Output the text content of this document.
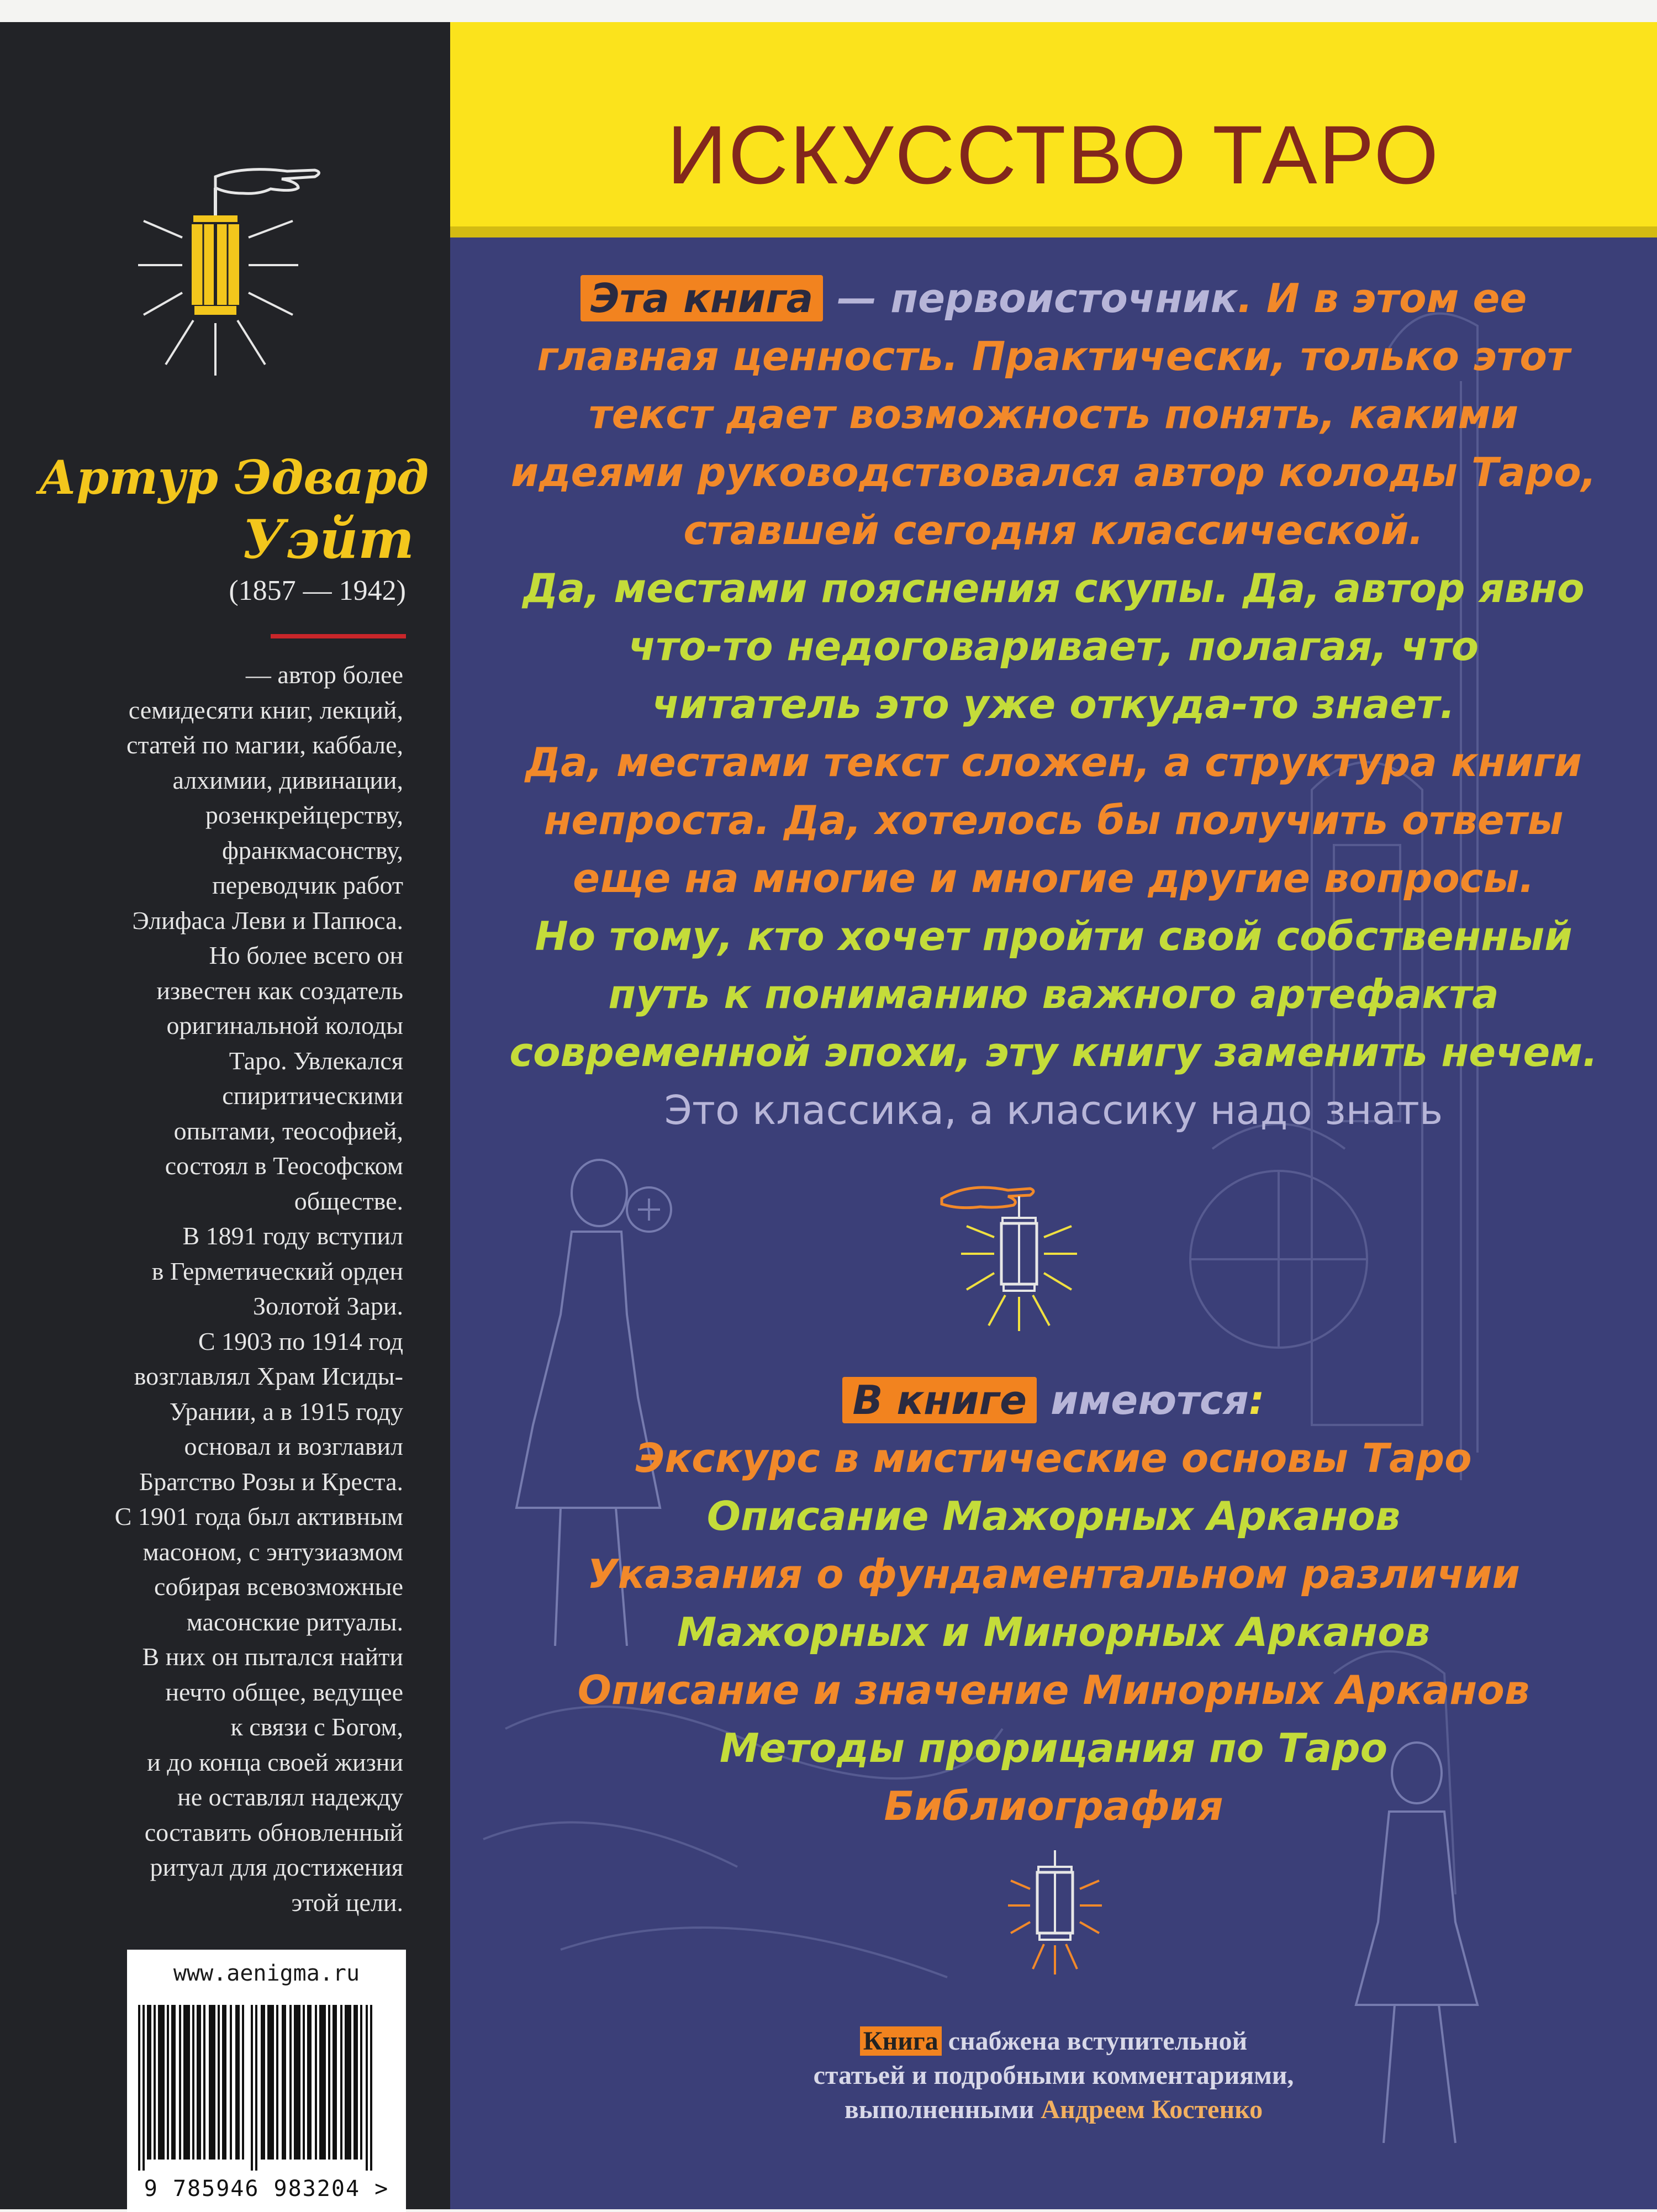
Артур Эдвард
Уэйт
(1857 — 1942)
— автор более
семидесяти книг, лекций,
статей по магии, каббале,
алхимии, дивинации,
розенкрейцерству,
франкмасонству,
переводчик работ
Элифаса Леви и Папюса.
Но более всего он
известен как создатель
оригинальной колоды
Таро. Увлекался
спиритическими
опытами, теософией,
состоял в Теософском
обществе.
В 1891 году вступил
в Герметический орден
Золотой Зари.
С 1903 по 1914 год
возглавлял Храм Исиды-
Урании, а в 1915 году
основал и возглавил
Братство Розы и Креста.
С 1901 года был активным
масоном, с энтузиазмом
собирая всевозможные
масонские ритуалы.
В них он пытался найти
нечто общее, ведущее
к связи с Богом,
и до конца своей жизни
не оставлял надежду
составить обновленный
ритуал для достижения
этой цели.
www.aenigma.ru
9 785946 983204 >
ИСКУССТВО ТАРО
Эта книга — первоисточник. И в этом ее
главная ценность. Практически, только этот
текст дает возможность понять, какими
идеями руководствовался автор колоды Таро,
ставшей сегодня классической.
Да, местами пояснения скупы. Да, автор явно
что-то недоговаривает, полагая, что
читатель это уже откуда-то знает.
Да, местами текст сложен, а структура книги
непроста. Да, хотелось бы получить ответы
еще на многие и многие другие вопросы.
Но тому, кто хочет пройти свой собственный
путь к пониманию важного артефакта
современной эпохи, эту книгу заменить нечем.
Это классика, а классику надо знать
В книге имеются:
Экскурс в мистические основы Таро
Описание Мажорных Арканов
Указания о фундаментальном различии
Мажорных и Минорных Арканов
Описание и значение Минорных Арканов
Методы прорицания по Таро
Библиография
Книга снабжена вступительной
статьей и подробными комментариями,
выполненными Андреем Костенко
